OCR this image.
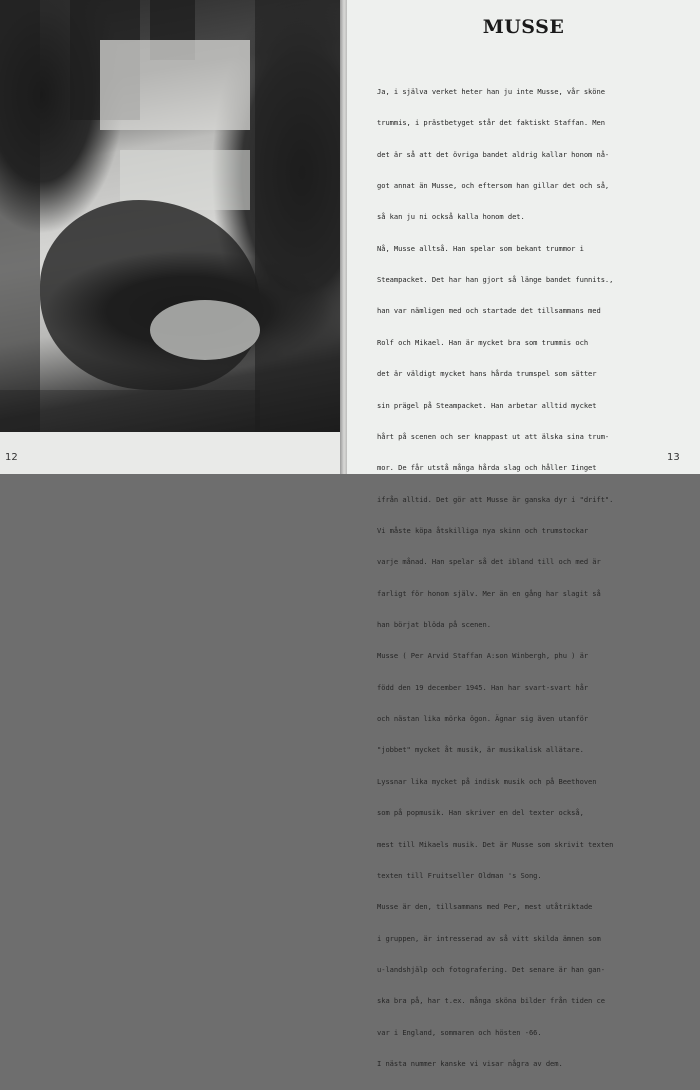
12
MUSSE

Ja, i själva verket heter han ju inte Musse, vår sköne

trummis, i prästbetyget står det faktiskt Staffan. Men

det är så att det övriga bandet aldrig kallar honom nå-

got annat än Musse, och eftersom han gillar det och så,

så kan ju ni också kalla honom det.

Nå, Musse alltså. Han spelar som bekant trummor i

Steampacket. Det har han gjort så länge bandet funnits.,

han var nämligen med och startade det tillsammans med

Rolf och Mikael. Han är mycket bra som trummis och

det är väldigt mycket hans hårda trumspel som sätter

sin prägel på Steampacket. Han arbetar alltid mycket

hårt på scenen och ser knappast ut att älska sina trum-

mor. De får utstå många hårda slag och håller Iinget

ifrån alltid. Det gör att Musse är ganska dyr i "drift".

Vi måste köpa åtskilliga nya skinn och trumstockar

varje månad. Han spelar så det ibland till och med är

farligt för honom själv. Mer än en gång har slagit så

han börjat blöda på scenen.

Musse ( Per Arvid Staffan A:son Winbergh, phu ) är

född den 19 december 1945. Han har svart-svart hår

och nästan lika mörka ögon. Ägnar sig även utanför

"jobbet" mycket åt musik, är musikalisk allätare.

Lyssnar lika mycket på indisk musik och på Beethoven

som på popmusik. Han skriver en del texter också,

mest till Mikaels musik. Det är Musse som skrivit texten

texten till Fruitseller Oldman 's Song.

Musse är den, tillsammans med Per, mest utåtriktade

i gruppen, är intresserad av så vitt skilda ämnen som

u-landshjälp och fotografering. Det senare är han gan-

ska bra på, har t.ex. många sköna bilder från tiden ce

var i England, sommaren och hösten -66.

I nästa nummer kanske vi visar några av dem.

13
